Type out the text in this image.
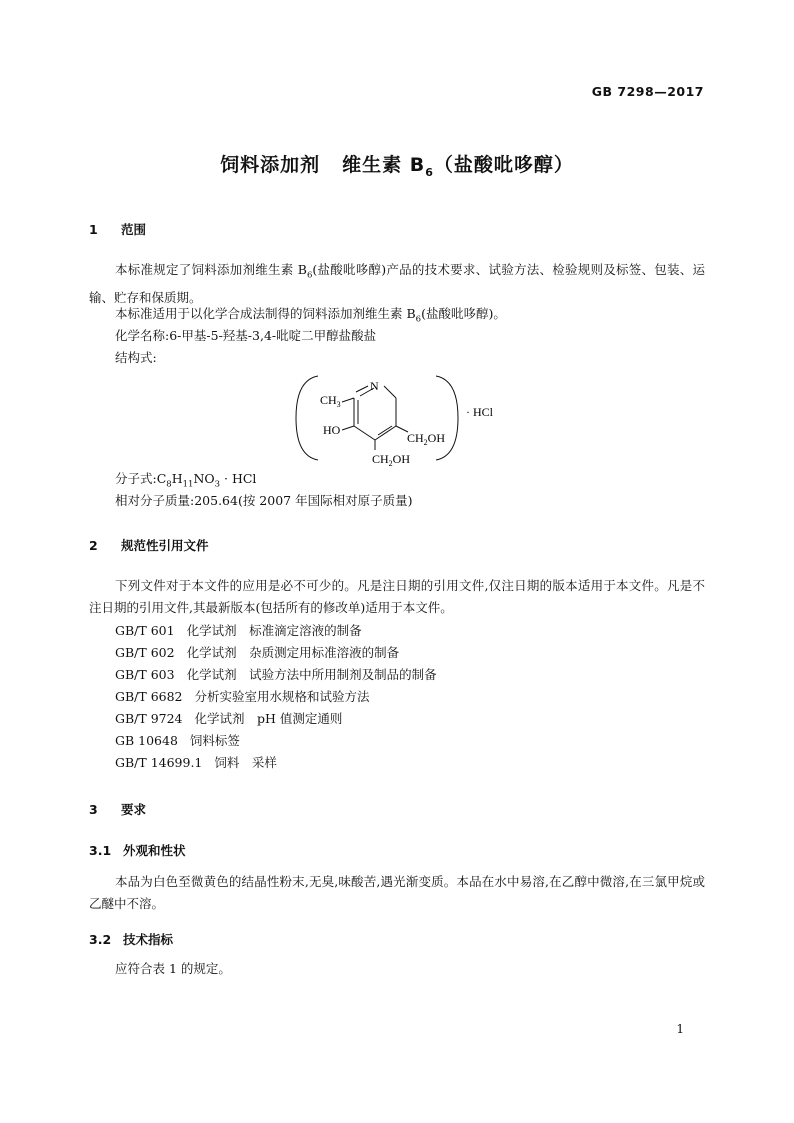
GB 7298—2017
饲料添加剂 维生素 $B_6$（盐酸吡哆醇）
1 范围
本标准规定了饲料添加剂维生素 $B_6$(盐酸吡哆醇)产品的技术要求、试验方法、检验规则及标签、包装、运输、贮存和保质期。
本标准适用于以化学合成法制得的饲料添加剂维生素 $B_6$(盐酸吡哆醇)。
化学名称:6-甲基-5-羟基-3,4-吡啶二甲醇盐酸盐
结构式:
N
$CH_3$
HO
$CH_2OH$
$CH_2OH$
· HCl
分子式$:C_8H_{11}NO_3$ · HCl
相对分子质量:205.64(按 2007 年国际相对原子质量)
2 规范性引用文件
下列文件对于本文件的应用是必不可少的。凡是注日期的引用文件,仅注日期的版本适用于本文件。凡是不注日期的引用文件,其最新版本(包括所有的修改单)适用于本文件。
GB/T 601 化学试剂　标准滴定溶液的制备
GB/T 602 化学试剂　杂质测定用标准溶液的制备
GB/T 603 化学试剂　试验方法中所用制剂及制品的制备
GB/T 6682 分析实验室用水规格和试验方法
GB/T 9724 化学试剂　pH 值测定通则
GB 10648 饲料标签
GB/T 14699.1 饲料　采样
3 要求
3.1 外观和性状
本品为白色至微黄色的结晶性粉末,无臭,味酸苦,遇光渐变质。本品在水中易溶,在乙醇中微溶,在三氯甲烷或乙醚中不溶。
3.2 技术指标
应符合表 1 的规定。
1
